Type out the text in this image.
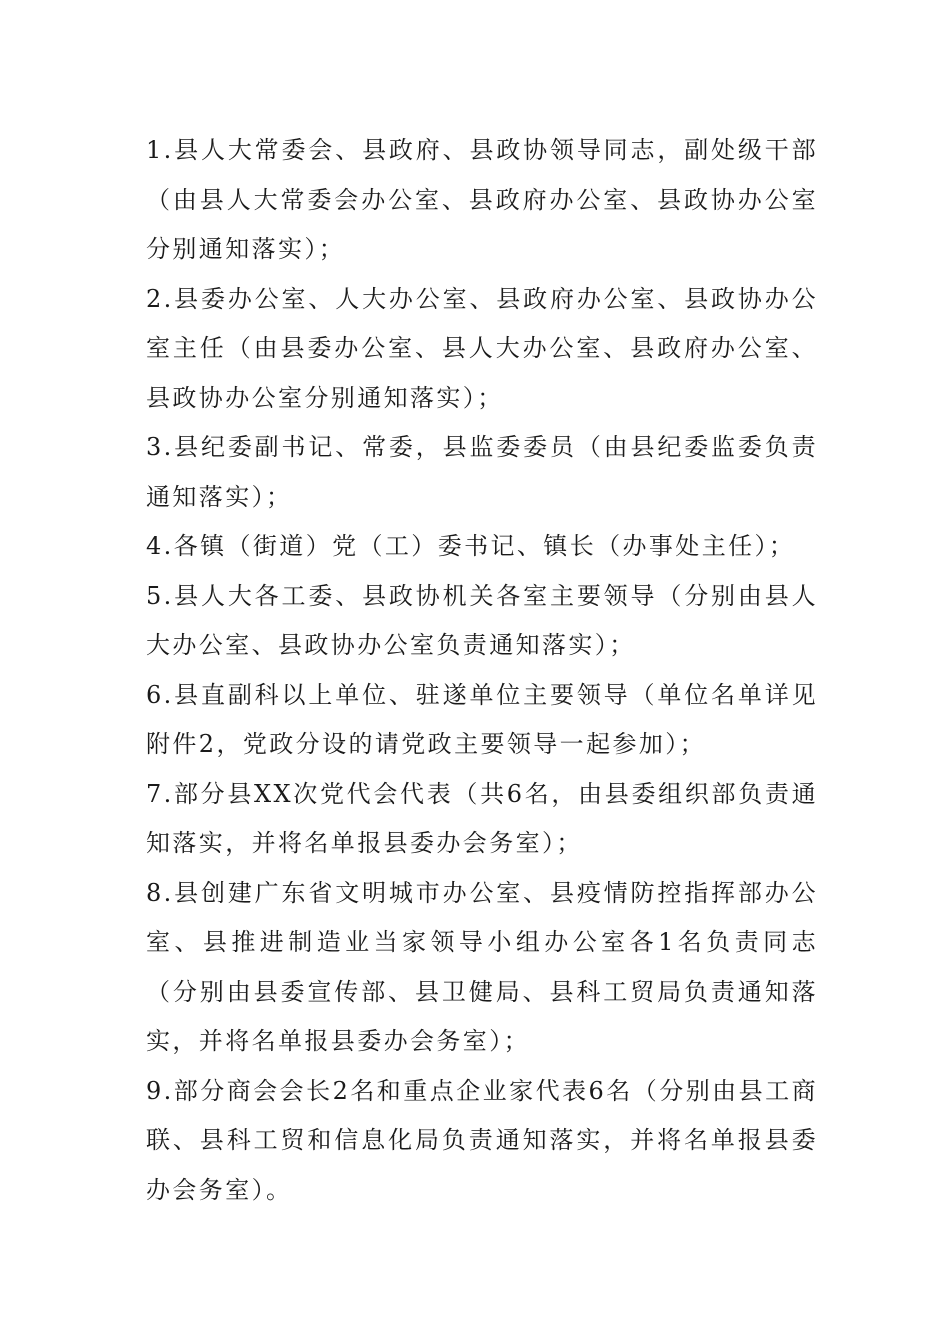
1.县人大常委会、县政府、县政协领导同志，副处级干部（由县人大常委会办公室、县政府办公室、县政协办公室分别通知落实）；

2.县委办公室、人大办公室、县政府办公室、县政协办公室主任（由县委办公室、县人大办公室、县政府办公室、县政协办公室分别通知落实）；

3.县纪委副书记、常委，县监委委员（由县纪委监委负责通知落实）；

4.各镇（街道）党（工）委书记、镇长（办事处主任）；

5.县人大各工委、县政协机关各室主要领导（分别由县人大办公室、县政协办公室负责通知落实）；

6.县直副科以上单位、驻遂单位主要领导（单位名单详见附件2，党政分设的请党政主要领导一起参加）；

7.部分县XX次党代会代表（共6名，由县委组织部负责通知落实，并将名单报县委办会务室）；

8.县创建广东省文明城市办公室、县疫情防控指挥部办公室、县推进制造业当家领导小组办公室各1名负责同志（分别由县委宣传部、县卫健局、县科工贸局负责通知落实，并将名单报县委办会务室）；

9.部分商会会长2名和重点企业家代表6名（分别由县工商联、县科工贸和信息化局负责通知落实，并将名单报县委办会务室）。
